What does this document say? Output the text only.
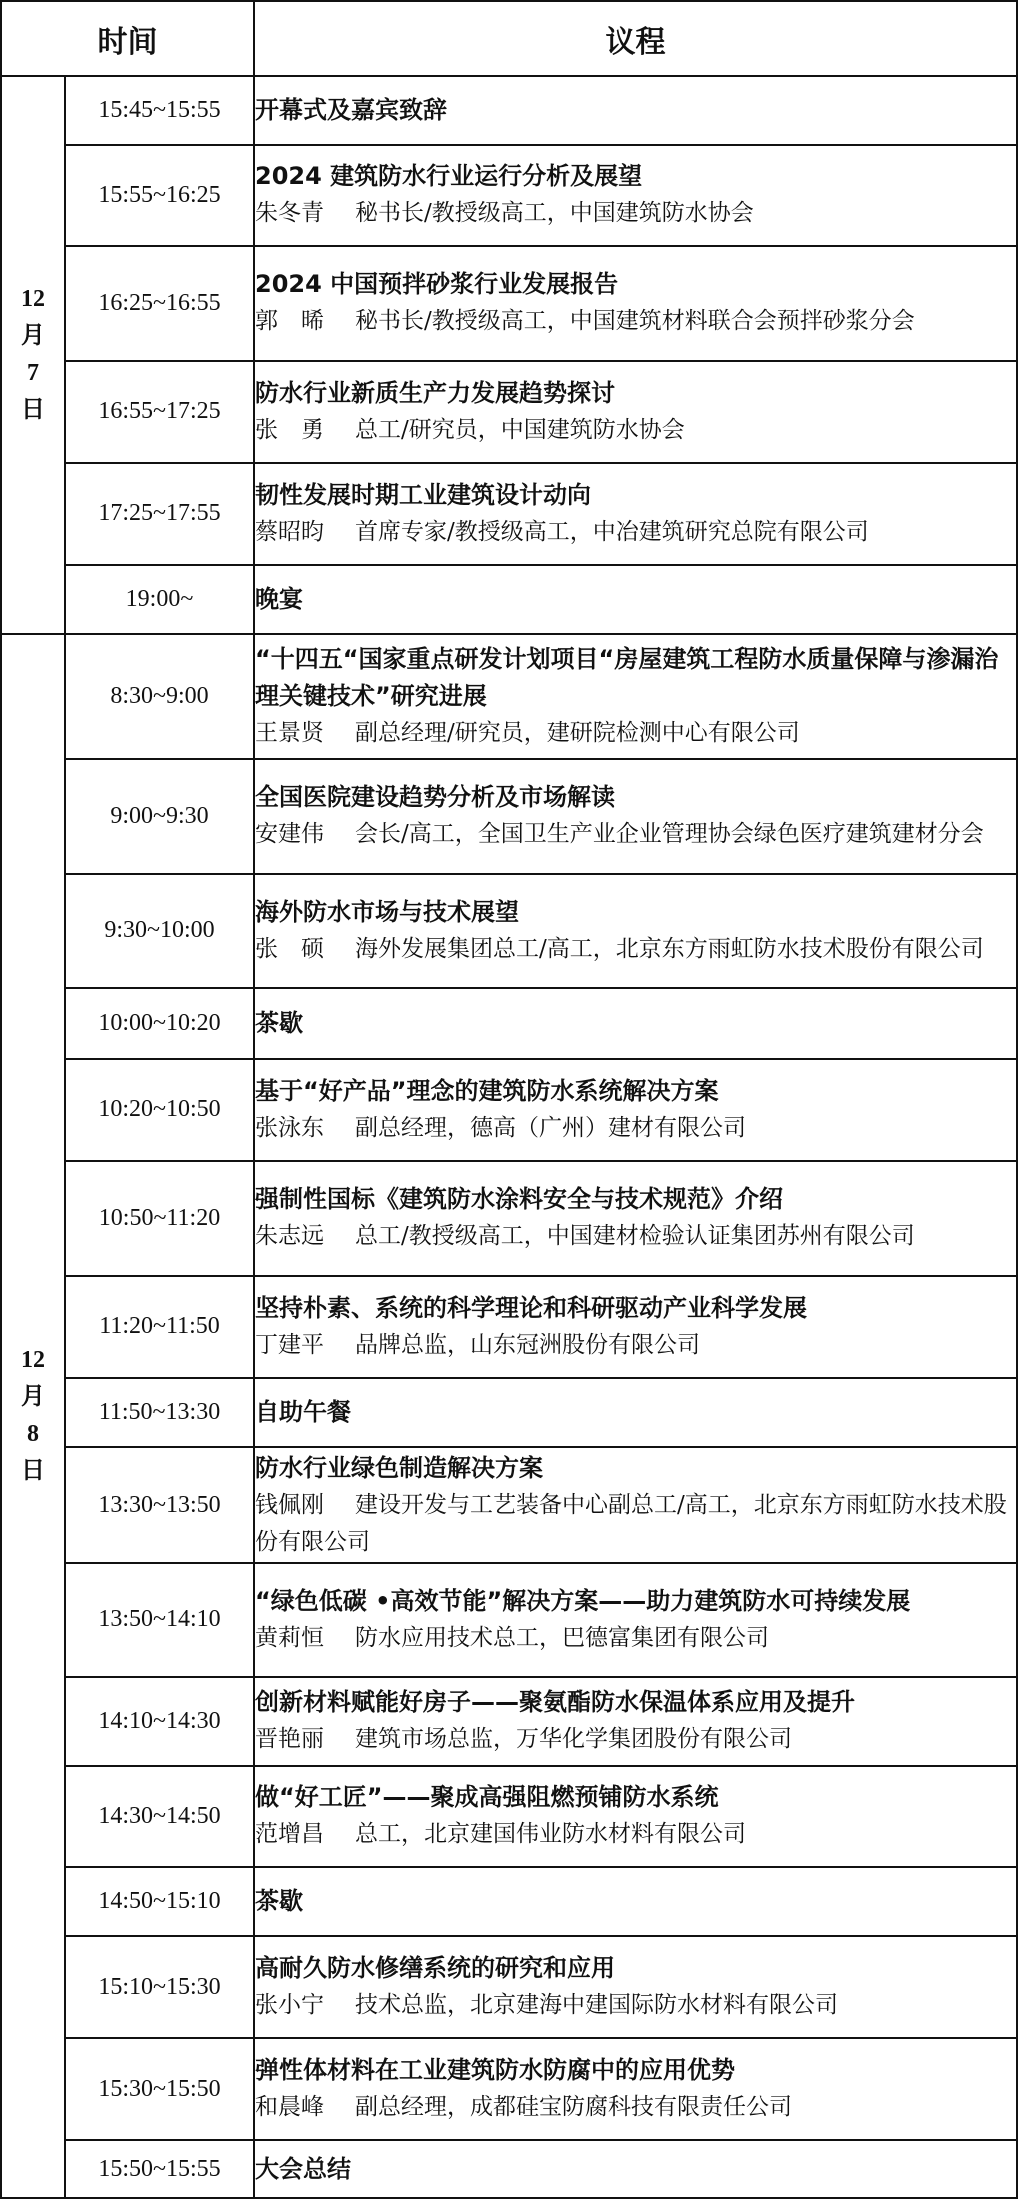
时间		议程
12月7日	15:45~15:55	开幕式及嘉宾致辞

	15:55~16:25	2024 建筑防水行业运行分析及展望
朱冬青 秘书长/教授级高工，中国建筑防水协会

	16:25~16:55	2024 中国预拌砂浆行业发展报告
郭　晞 秘书长/教授级高工，中国建筑材料联合会预拌砂浆分会

	16:55~17:25	防水行业新质生产力发展趋势探讨
张　勇 总工/研究员，中国建筑防水协会

	17:25~17:55	韧性发展时期工业建筑设计动向
蔡昭昀 首席专家/教授级高工，中冶建筑研究总院有限公司

	19:00~	晚宴

12月8日	8:30~9:00	“十四五“国家重点研发计划项目“房屋建筑工程防水质量保障与渗漏治理关键技术”研究进展
王景贤 副总经理/研究员，建研院检测中心有限公司

	9:00~9:30	全国医院建设趋势分析及市场解读
安建伟 会长/高工，全国卫生产业企业管理协会绿色医疗建筑建材分会

	9:30~10:00	海外防水市场与技术展望
张　硕 海外发展集团总工/高工，北京东方雨虹防水技术股份有限公司

	10:00~10:20	茶歇

	10:20~10:50	基于“好产品”理念的建筑防水系统解决方案
张泳东 副总经理，德高（广州）建材有限公司

	10:50~11:20	强制性国标《建筑防水涂料安全与技术规范》介绍
朱志远 总工/教授级高工，中国建材检验认证集团苏州有限公司

	11:20~11:50	坚持朴素、系统的科学理论和科研驱动产业科学发展
丁建平 品牌总监，山东冠洲股份有限公司

	11:50~13:30	自助午餐

	13:30~13:50	防水行业绿色制造解决方案
钱佩刚 建设开发与工艺装备中心副总工/高工，北京东方雨虹防水技术股份有限公司

	13:50~14:10	“绿色低碳 •高效节能”解决方案——助力建筑防水可持续发展
黄莉恒 防水应用技术总工，巴德富集团有限公司

	14:10~14:30	创新材料赋能好房子——聚氨酯防水保温体系应用及提升
晋艳丽 建筑市场总监，万华化学集团股份有限公司

	14:30~14:50	做“好工匠”——聚成高强阻燃预铺防水系统
范增昌 总工，北京建国伟业防水材料有限公司

	14:50~15:10	茶歇

	15:10~15:30	高耐久防水修缮系统的研究和应用
张小宁 技术总监，北京建海中建国际防水材料有限公司

	15:30~15:50	弹性体材料在工业建筑防水防腐中的应用优势
和晨峰 副总经理，成都硅宝防腐科技有限责任公司

	15:50~15:55	大会总结
